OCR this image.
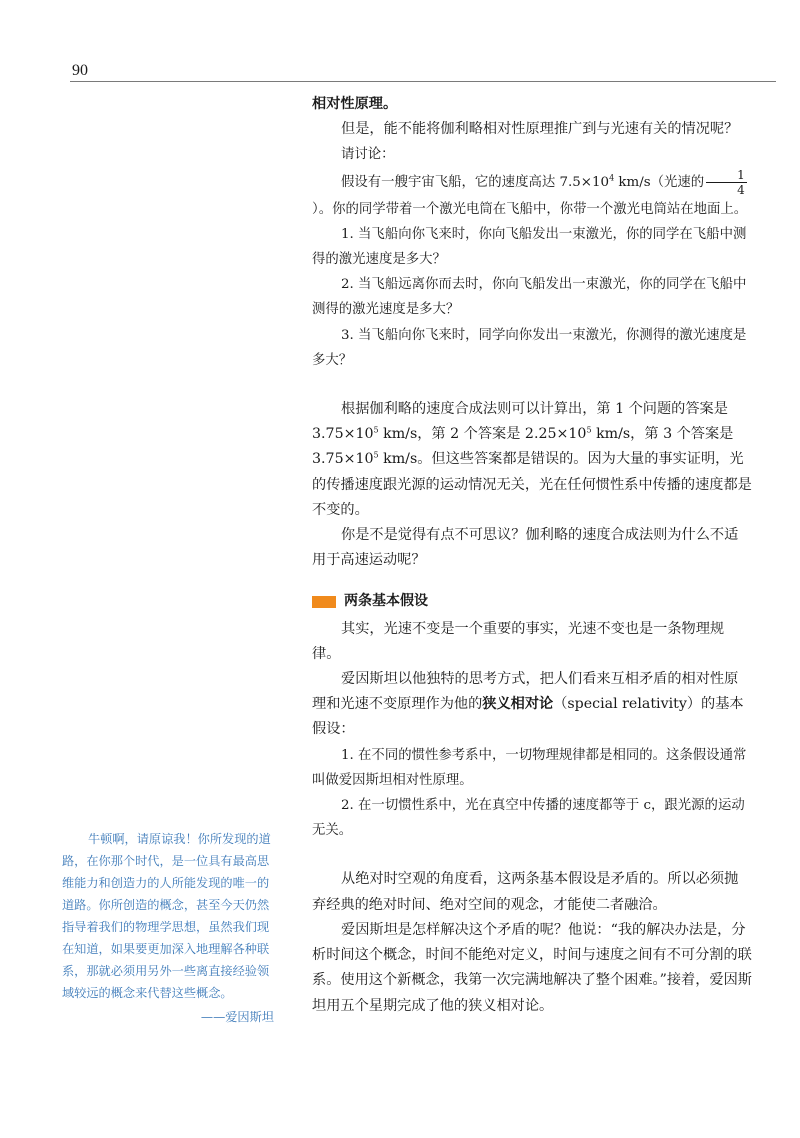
90

相对性原理。

但是，能不能将伽利略相对性原理推广到与光速有关的情况呢？

请讨论：

假设有一艘宇宙飞船，它的速度高达 $7.5\times 10^4$ km/s（光速的 $\frac{1}{4}$
）。你的同学带着一个激光电筒在飞船中，你带一个激光电筒站在地面上。

1. 当飞船向你飞来时，你向飞船发出一束激光，你的同学在飞船中测得的激光速度是多大？

2. 当飞船远离你而去时，你向飞船发出一束激光，你的同学在飞船中测得的激光速度是多大？

3. 当飞船向你飞来时，同学向你发出一束激光，你测得的激光速度是多大？

根据伽利略的速度合成法则可以计算出，第 1 个问题的答案是 $3.75\times 10^5$ km/s，第 2 个答案是 $2.25\times 10^5$ km/s，第 3 个答案是 $3.75\times 10^5$ km/s。但这些答案都是错误的。因为大量的事实证明，光的传播速度跟光源的运动情况无关，光在任何惯性系中传播的速度都是不变的。

你是不是觉得有点不可思议？伽利略的速度合成法则为什么不适用于高速运动呢？

两条基本假设

其实，光速不变是一个重要的事实，光速不变也是一条物理规律。

爱因斯坦以他独特的思考方式，把人们看来互相矛盾的相对性原理和光速不变原理作为他的狭义相对论（special relativity）的基本假设：

1. 在不同的惯性参考系中，一切物理规律都是相同的。这条假设通常叫做爱因斯坦相对性原理。

2. 在一切惯性系中，光在真空中传播的速度都等于 c，跟光源的运动无关。

从绝对时空观的角度看，这两条基本假设是矛盾的。所以必须抛弃经典的绝对时间、绝对空间的观念，才能使二者融洽。

爱因斯坦是怎样解决这个矛盾的呢？他说：“我的解决办法是，分析时间这个概念，时间不能绝对定义，时间与速度之间有不可分割的联系。使用这个新概念，我第一次完满地解决了整个困难。”接着，爱因斯坦用五个星期完成了他的狭义相对论。

牛顿啊，请原谅我！你所发现的道路，在你那个时代，是一位具有最高思维能力和创造力的人所能发现的唯一的道路。你所创造的概念，甚至今天仍然指导着我们的物理学思想，虽然我们现在知道，如果要更加深入地理解各种联系，那就必须用另外一些离直接经验领域较远的概念来代替这些概念。

——爱因斯坦
